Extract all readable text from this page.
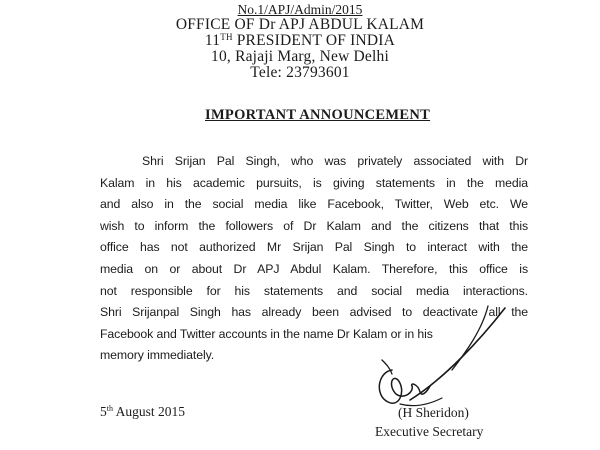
No.1/APJ/Admin/2015
OFFICE OF Dr APJ ABDUL KALAM
11TH PRESIDENT OF INDIA
10, Rajaji Marg, New Delhi
Tele: 23793601
IMPORTANT ANNOUNCEMENT
Shri Srijan Pal Singh, who was privately associated with Dr
Kalam in his academic pursuits, is giving statements in the media
and also in the social media like Facebook, Twitter, Web etc. We
wish to inform the followers of Dr Kalam and the citizens that this
office has not authorized Mr Srijan Pal Singh to interact with the
media on or about Dr APJ Abdul Kalam. Therefore, this office is
not responsible for his statements and social media interactions.
Shri Srijanpal Singh has already been advised to deactivate all the
Facebook and Twitter accounts in the name Dr Kalam or in his
memory immediately.
5th August 2015	(H Sheridon)
Executive Secretary
